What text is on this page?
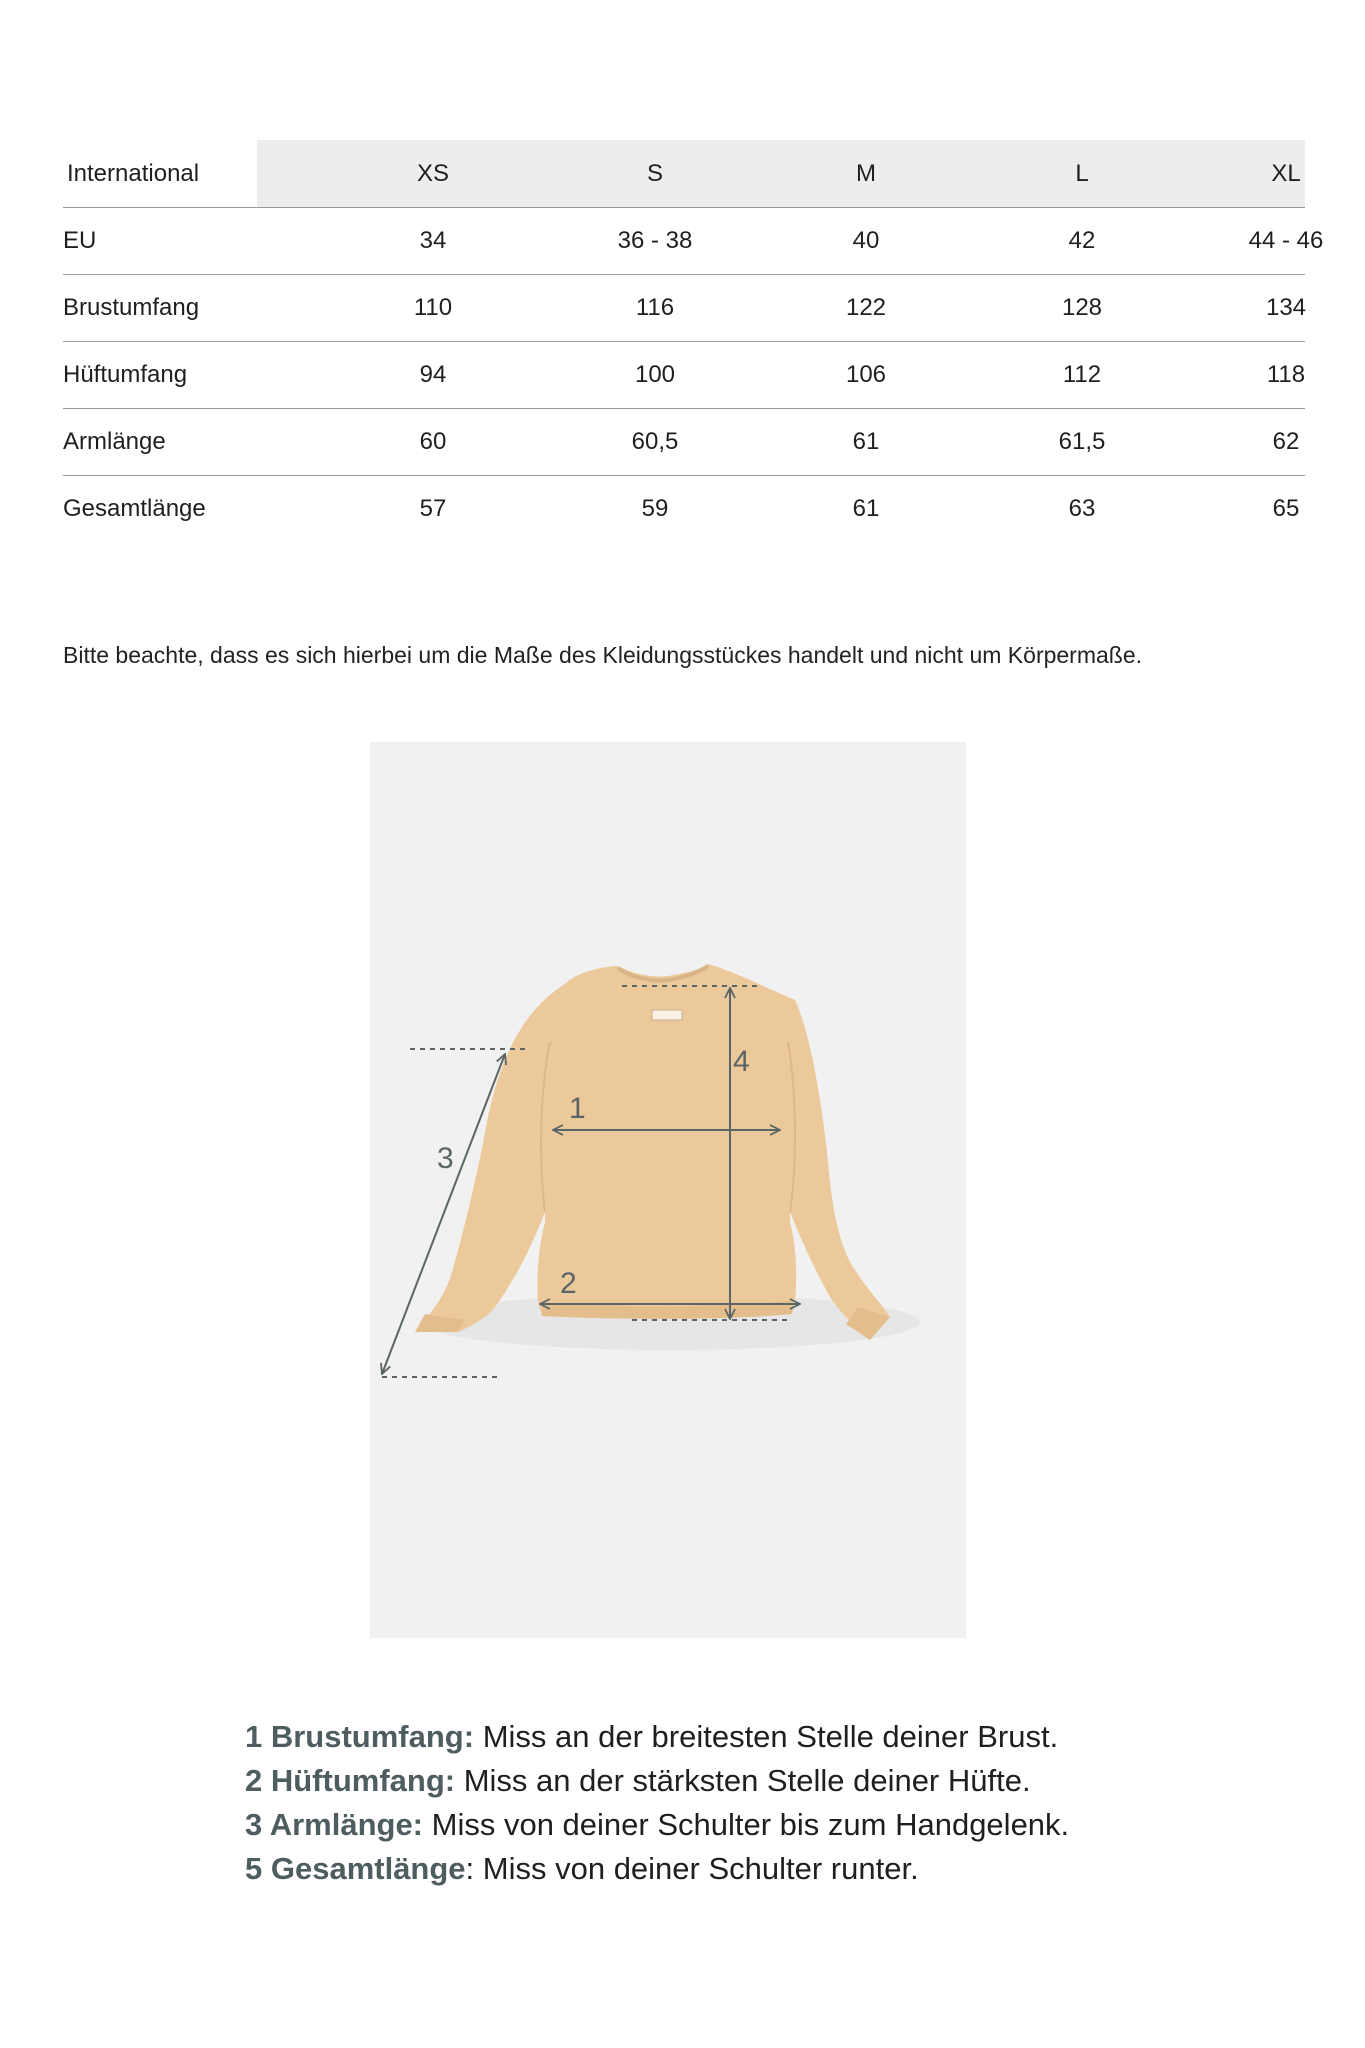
International	XS	S	M	L	XL
EU	34	36 - 38	40	42	44 - 46
Brustumfang	110	116	122	128	134
Hüftumfang	94	100	106	112	118
Armlänge	60	60,5	61	61,5	62
Gesamtlänge	57	59	61	63	65
Bitte beachte, dass es sich hierbei um die Maße des Kleidungsstückes handelt und nicht um Körpermaße.
1
2
3
4
1 Brustumfang: Miss an der breitesten Stelle deiner Brust.
2 Hüftumfang: Miss an der stärksten Stelle deiner Hüfte.
3 Armlänge: Miss von deiner Schulter bis zum Handgelenk.
5 Gesamtlänge: Miss von deiner Schulter runter.
